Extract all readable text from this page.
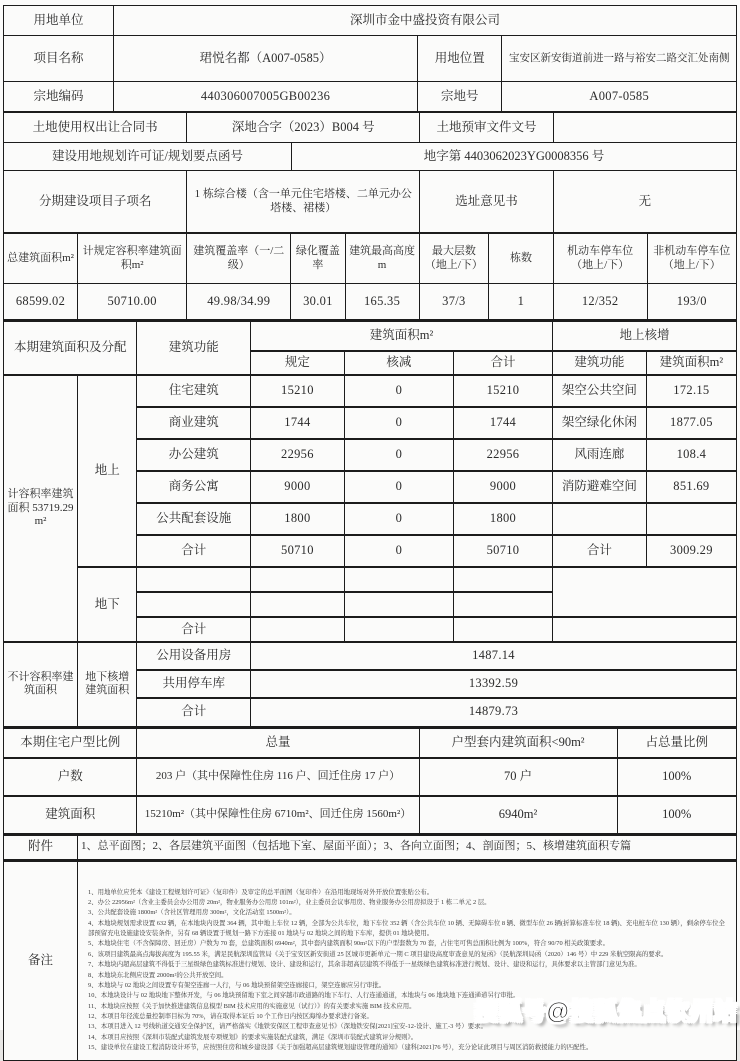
用地单位	深圳市金中盛投资有限公司		
项目名称	珺悦名都（A007-0585）	用地位置	宝安区新安街道前进一路与裕安二路交汇处南侧
宗地编码	440306007005GB00236	宗地号	A007-0585
土地使用权出让合同书	深地合字（2023）B004 号		土地预审文件文号	
建设用地规划许可证/规划要点函号		地字第 4403062023YG0008356 号		
分期建设项目子项名	1 栋综合楼（含一单元住宅塔楼、二单元办公塔楼、裙楼）		选址意见书	无
总建筑面积m²	计规定容积率建筑面积m²	建筑覆盖率（一/二级）	绿化覆盖率	建筑最高高度m	最大层数（地上/下）	栋数	机动车停车位（地上/下）	非机动车停车位（地上/下）
68599.02	50710.00	49.98/34.99	30.01	165.35	37/3	1	12/352	193/0
本期建筑面积及分配		建筑功能	建筑面积m²			地上核增	
			规定	核减	合计	建筑功能	建筑面积m²
计容积率建筑面积 53719.29m²	地上	住宅建筑	15210	0	15210	架空公共空间	172.15
		商业建筑	1744	0	1744	架空绿化休闲	1877.05
		办公建筑	22956	0	22956	风雨连廊	108.4
		商务公寓	9000	0	9000	消防避难空间	851.69
		公共配套设施	1800	0	1800		
		合计	50710	0	50710	合计	3009.29
	地下						

		合计					
不计容积率建筑面积	地下核增建筑面积	公用设备用房	1487.14				
		共用停车库	13392.59				
		合计	14879.73				
本期住宅户型比例	总量	户型套内建筑面积<90m²	占总量比例
户数	203 户（其中保障性住房 116 户、回迁住房 17 户）	70 户	100%
建筑面积	15210m²（其中保障性住房 6710m²、回迁住房 1560m²）	6940m²	100%
附件	1、总平面图；2、各层建筑平面图（包括地下室、屋面平面）；3、各向立面图；4、剖面图；5、核增建筑面积专篇
备注	
1、用地单位应凭本《建设工程规划许可证》（复印件）及审定的总平面图（复印件）在沿用地现场对外开放位置张贴公布。
2、办公 22956m²（含业主委员会办公用房 20m²，物业服务办公用房 101m²），业主委员会议事用房、物业服务办公用房拟设于 1 栋二单元 2 层。
3、公共配套设施 1800m²（含社区管理用房 300m²，文化活动室 1500m²）。
4、本地块规划需求设置 632 辆，在本地块内设置 364 辆，其中地上车位 12 辆，全部为公共车位，地下车位 352 辆（含公共车位 10 辆、无障碍车位 8 辆、微型车位 26 辆(折算标准车位 18 辆)、充电桩车位 130 辆），剩余停车位全部预留充电设施建设安装条件，另有 68 辆设置于规划一路下方连接 01 地块与 02 地块之间的地下车库，提供 01 地块使用。
5、本地块住宅（不含保障房、回迁房）户数为 70 套，总建筑面积 6940m²，其中套内建筑面积 90m²以下的户型套数为 70 套，占住宅可售总面积比例为 100%，符合 90/70 相关政策要求。
6、该项目建筑最高点海拔高度为 195.55 米，满足民航深圳监管局《关于宝安区新安街道 25 区城市更新单元一期 C 项目建设高度审查意见的复函》（民航深圳局函（2020）146 号）中 229 米航空限高的要求。
7、本地块内超高层建筑不得低于三星级绿色建筑标准进行规划、设计、建设和运行，其余非超高层建筑不得低于一星级绿色建筑标准进行规划、设计、建设和运行，具体要求以主管部门意见为准。
8、本地块东北侧应设置 2000m²的公共开放空间。
9、本地块与 02 地块之间设置专有架空连廊一人行，与 06 地块预留架空连廊接口，架空连廊应另行审批。
10、本地块设计与 02 地块地下整体开发，与 06 地块预留地下室之间穿越市政道路的地下车行、人行连通通道，本地块与 06 地块地下连通通道另行审批。
11、本地块应按照《关于加快推进建筑信息模型 BIM 技术应用的实施意见（试行）》的有关要求实施 BIM 技术应用。
12、本项目年径流总量控制率目标为 70%，请在取得本证后 10 个工作日内按区海绵办要求进行备案。
13、本项目进入 12 号线轨道交通安全保护区，请严格落实《地铁安保区工程审查意见书》（深地铁安保[2021]宝安-12-设计、施工-3 号）要求。
14、本项目应按照《深圳市装配式建筑发展专项规划》的要求实施装配式建筑，满足《深圳市装配式建筑评分规则》。
15、建设单位在建设工程消防设计环节，应按照住房和城乡建设部《关于加强超高层建筑规划建设管理的通知》（建科[2021]76 号），充分论证此项目与周区消防救援能力的匹配性。
搜狐号@搜狐焦点钦州站
